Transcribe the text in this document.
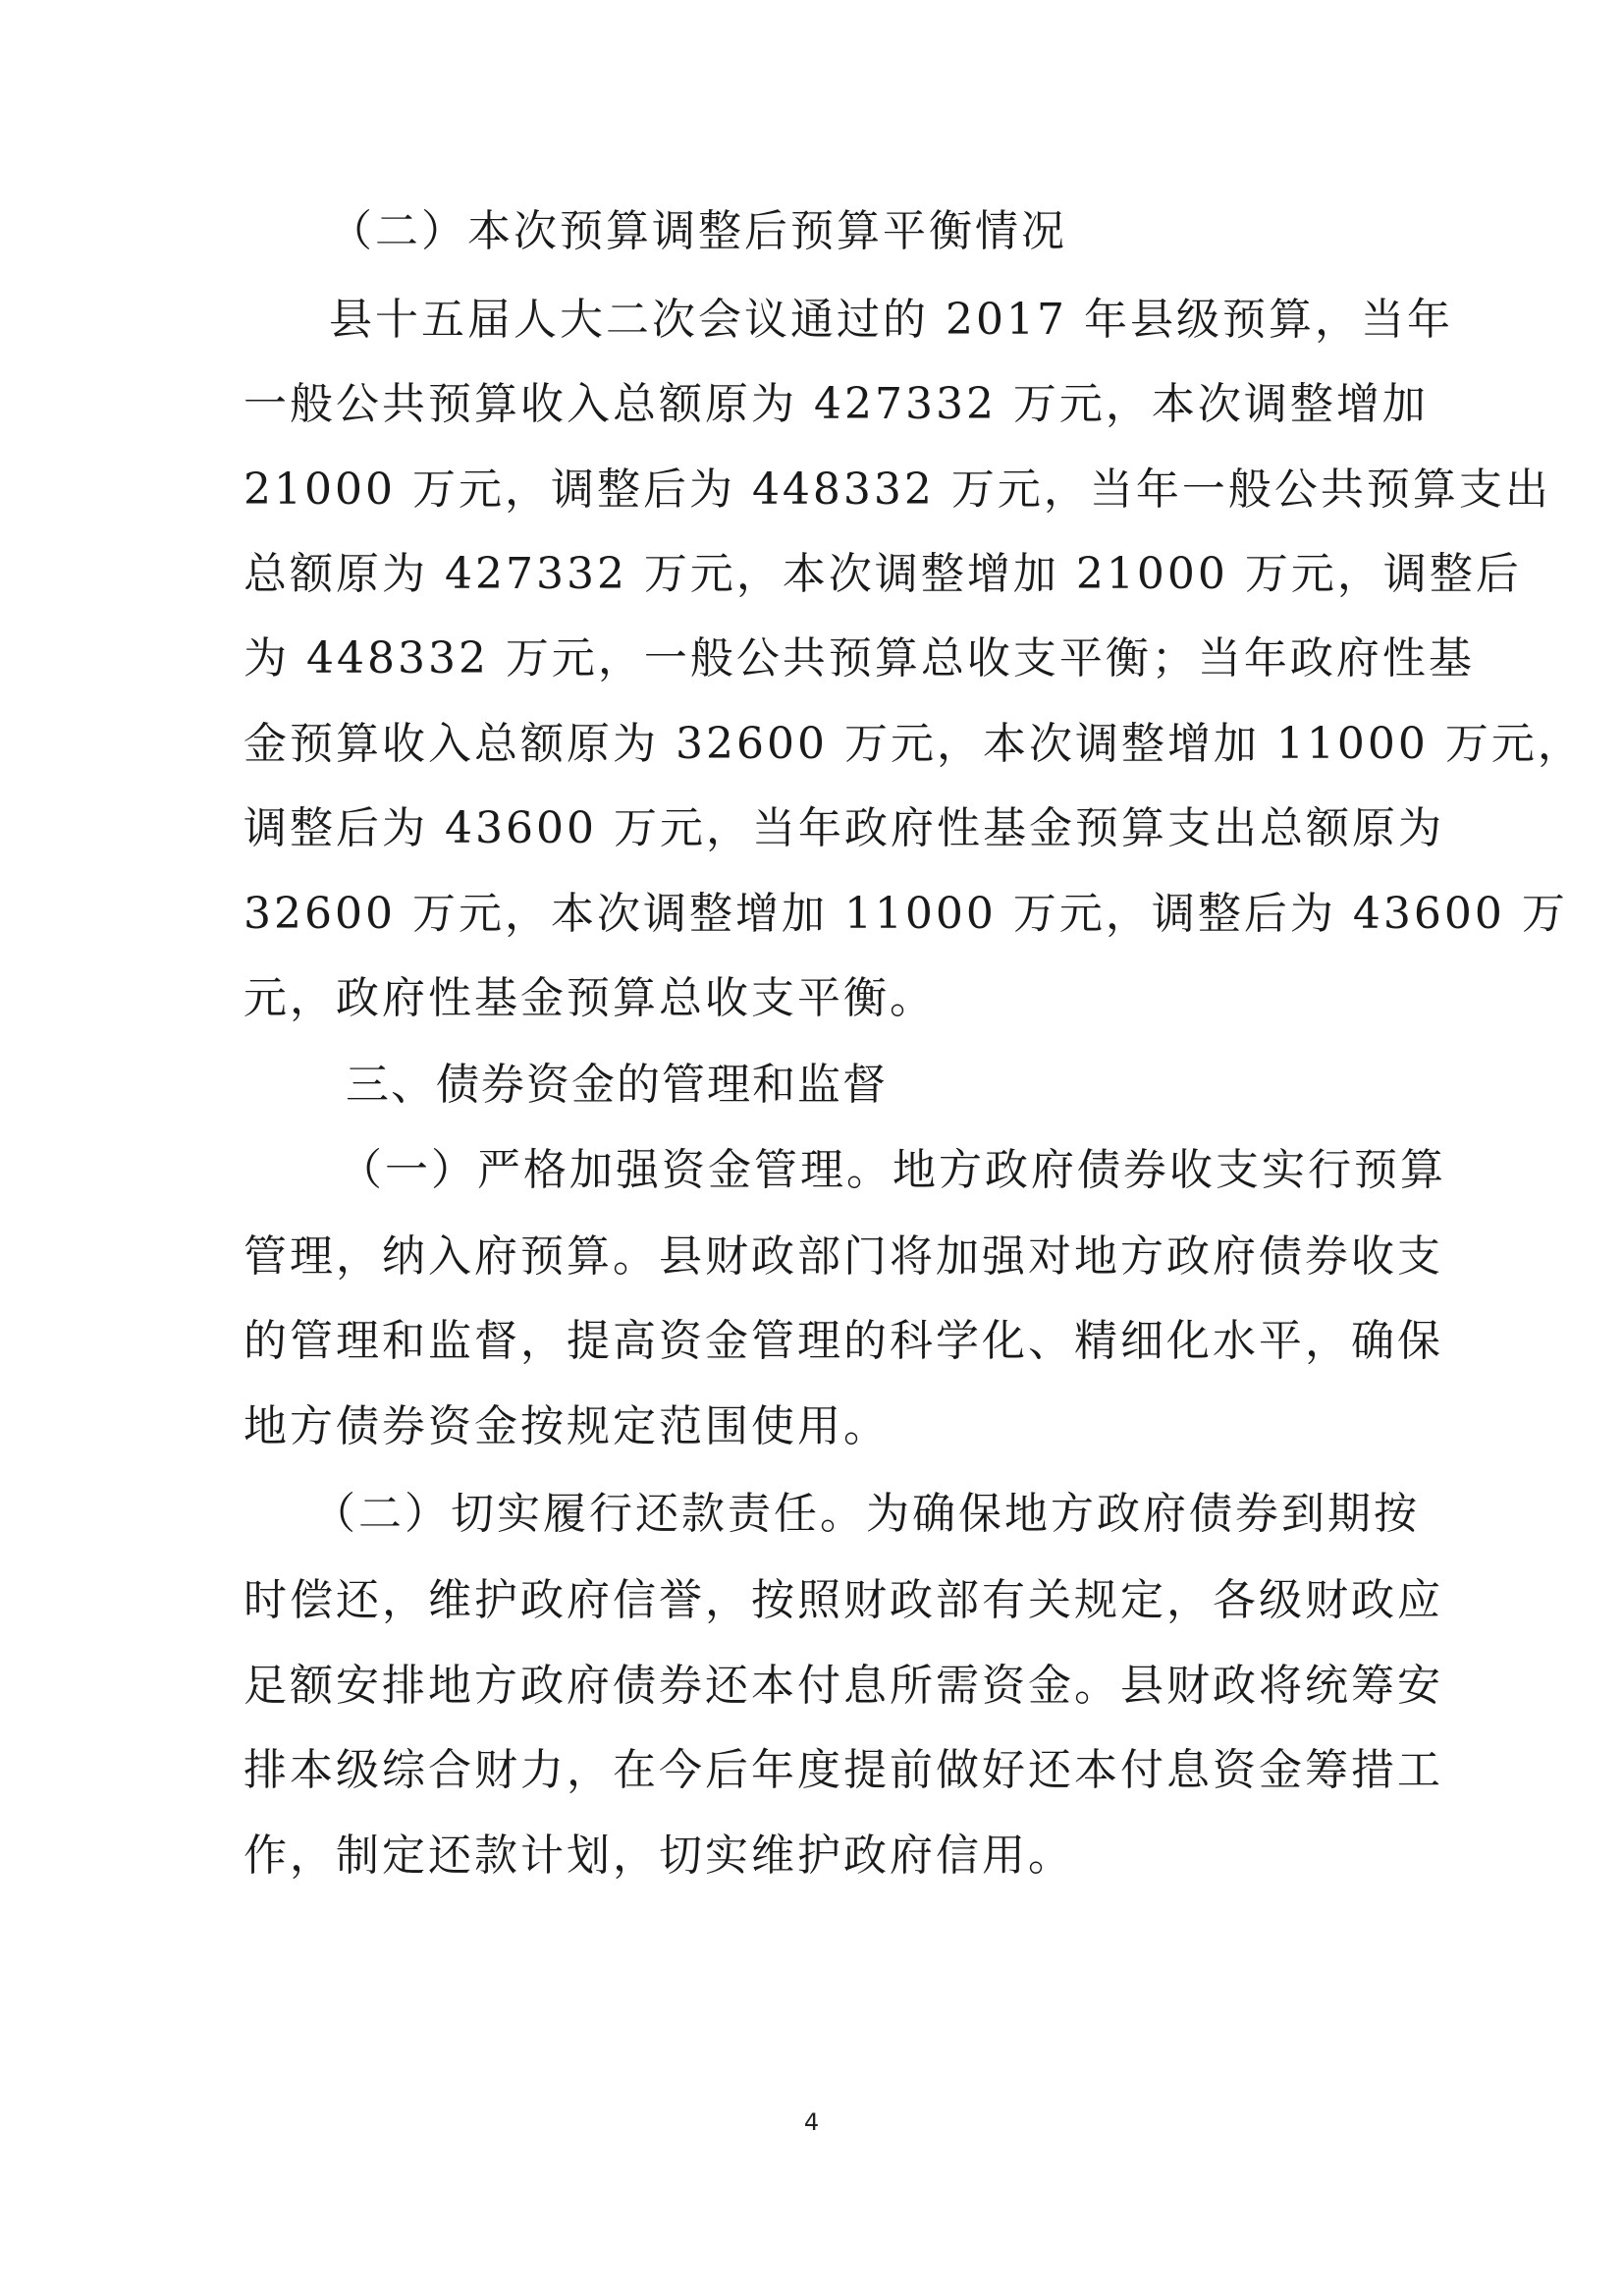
（二）本次预算调整后预算平衡情况
县十五届人大二次会议通过的 2017 年县级预算，当年
一般公共预算收入总额原为 427332 万元，本次调整增加
21000 万元，调整后为 448332 万元，当年一般公共预算支出
总额原为 427332 万元，本次调整增加 21000 万元，调整后
为 448332 万元，一般公共预算总收支平衡；当年政府性基
金预算收入总额原为 32600 万元，本次调整增加 11000 万元，
调整后为 43600 万元，当年政府性基金预算支出总额原为
32600 万元，本次调整增加 11000 万元，调整后为 43600 万
元，政府性基金预算总收支平衡。
三、债券资金的管理和监督
（一）严格加强资金管理。地方政府债券收支实行预算
管理，纳入府预算。县财政部门将加强对地方政府债券收支
的管理和监督，提高资金管理的科学化、精细化水平，确保
地方债券资金按规定范围使用。
（二）切实履行还款责任。为确保地方政府债券到期按
时偿还，维护政府信誉，按照财政部有关规定，各级财政应
足额安排地方政府债券还本付息所需资金。县财政将统筹安
排本级综合财力，在今后年度提前做好还本付息资金筹措工
作，制定还款计划，切实维护政府信用。
4
